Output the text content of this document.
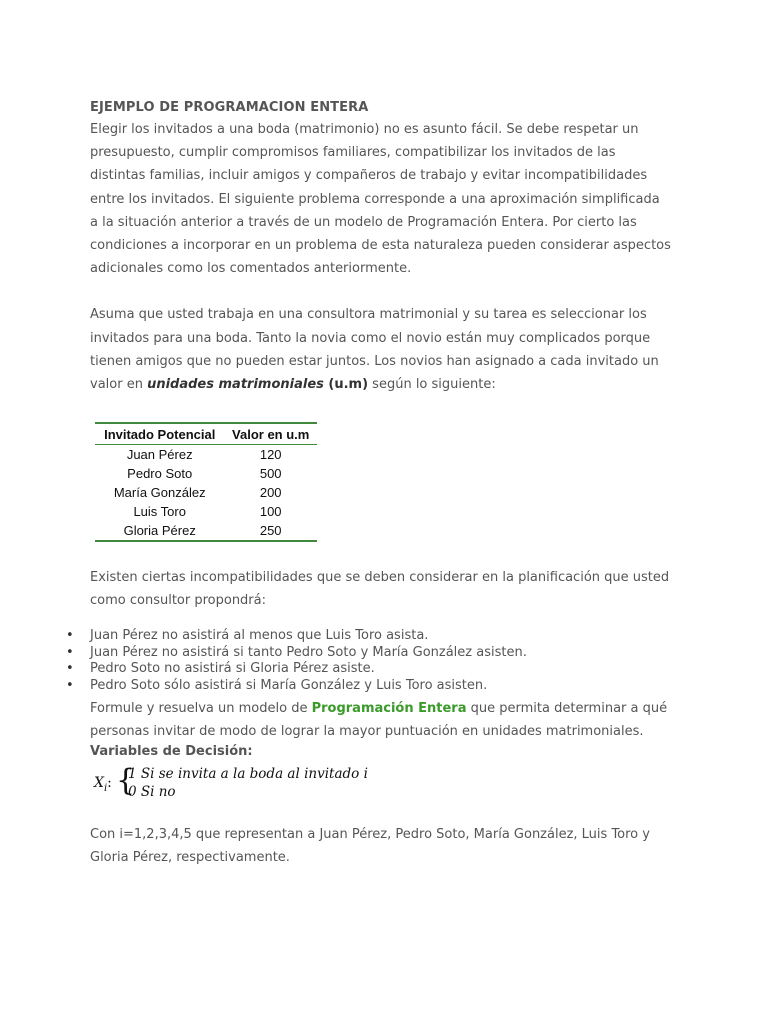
EJEMPLO DE PROGRAMACION ENTERA
Elegir los invitados a una boda (matrimonio) no es asunto fácil. Se debe respetar un
presupuesto, cumplir compromisos familiares, compatibilizar los invitados de las
distintas familias, incluir amigos y compañeros de trabajo y evitar incompatibilidades
entre los invitados. El siguiente problema corresponde a una aproximación simplificada
a la situación anterior a través de un modelo de Programación Entera. Por cierto las
condiciones a incorporar en un problema de esta naturaleza pueden considerar aspectos
adicionales como los comentados anteriormente.
Asuma que usted trabaja en una consultora matrimonial y su tarea es seleccionar los
invitados para una boda. Tanto la novia como el novio están muy complicados porque
tienen amigos que no pueden estar juntos. Los novios han asignado a cada invitado un
valor en unidades matrimoniales (u.m) según lo siguiente:
Invitado Potencial	Valor en u.m
Juan Pérez	120
Pedro Soto	500
María González	200
Luis Toro	100
Gloria Pérez	250
Existen ciertas incompatibilidades que se deben considerar en la planificación que usted
como consultor propondrá:
• Juan Pérez no asistirá al menos que Luis Toro asista.
• Juan Pérez no asistirá si tanto Pedro Soto y María González asisten.
• Pedro Soto no asistirá si Gloria Pérez asiste.
• Pedro Soto sólo asistirá si María González y Luis Toro asisten.
Formule y resuelva un modelo de Programación Entera que permita determinar a qué
personas invitar de modo de lograr la mayor puntuación en unidades matrimoniales.
Variables de Decisión:
$X_i$: {
1 Si se invita a la boda al invitado i
0 Si no
Con i=1,2,3,4,5 que representan a Juan Pérez, Pedro Soto, María González, Luis Toro y
Gloria Pérez, respectivamente.
